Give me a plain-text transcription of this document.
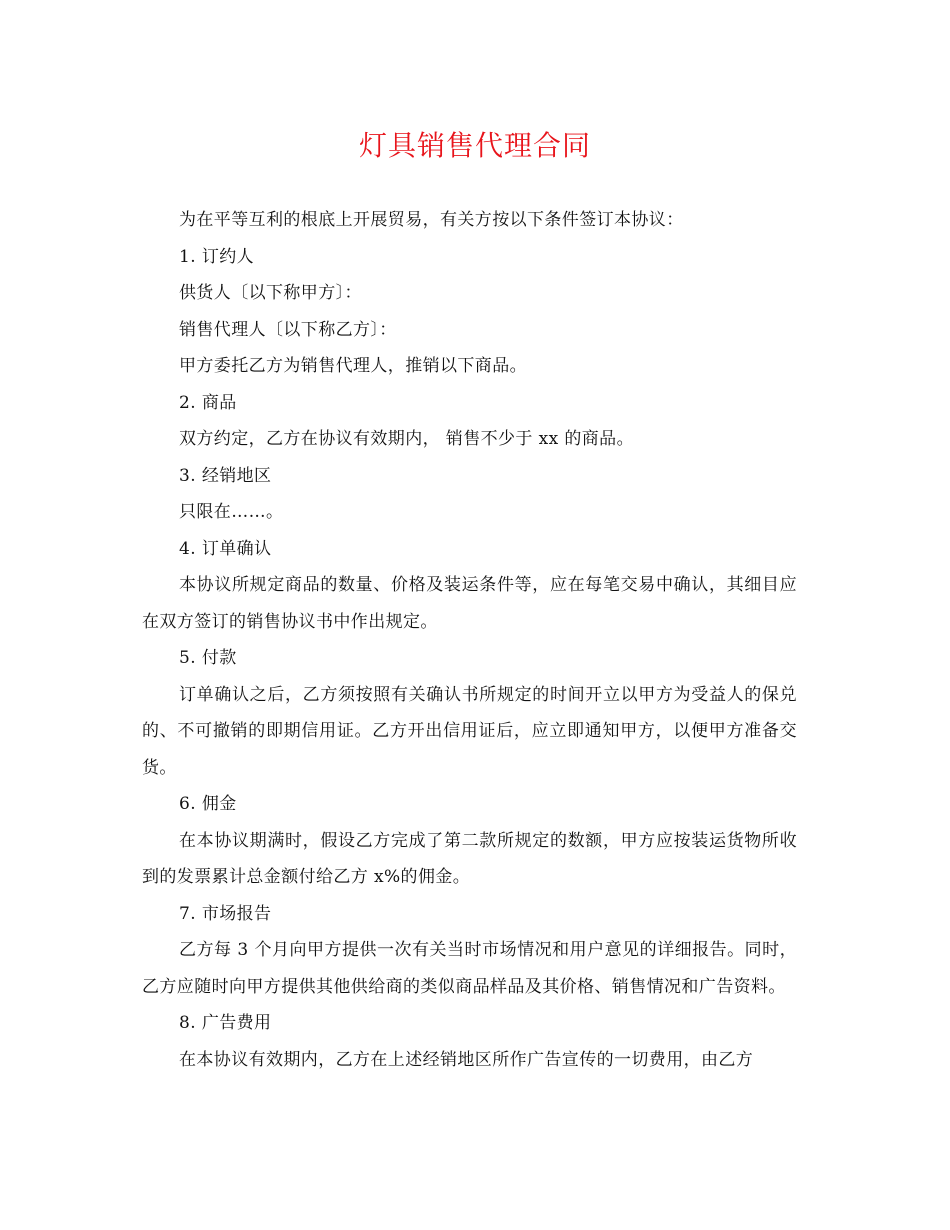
灯具销售代理合同

为在平等互利的根底上开展贸易，有关方按以下条件签订本协议：

1. 订约人

供货人〔以下称甲方〕：

销售代理人〔以下称乙方〕：

甲方委托乙方为销售代理人，推销以下商品。

2. 商品

双方约定，乙方在协议有效期内， 销售不少于 xx 的商品。

3. 经销地区

只限在……。

4. 订单确认

本协议所规定商品的数量、价格及装运条件等，应在每笔交易中确认，其细目应在双方签订的销售协议书中作出规定。

5. 付款

订单确认之后，乙方须按照有关确认书所规定的时间开立以甲方为受益人的保兑的、不可撤销的即期信用证。乙方开出信用证后，应立即通知甲方，以便甲方准备交货。

6. 佣金

在本协议期满时，假设乙方完成了第二款所规定的数额，甲方应按装运货物所收到的发票累计总金额付给乙方 x%的佣金。

7. 市场报告

乙方每 3 个月向甲方提供一次有关当时市场情况和用户意见的详细报告。同时，乙方应随时向甲方提供其他供给商的类似商品样品及其价格、销售情况和广告资料。

8. 广告费用

在本协议有效期内，乙方在上述经销地区所作广告宣传的一切费用，由乙方
